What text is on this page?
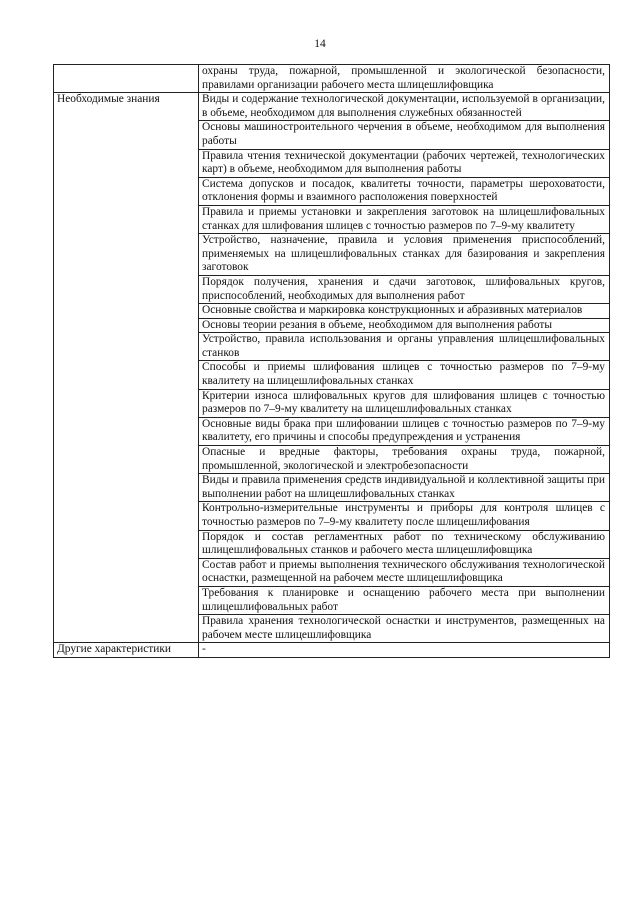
14
	охраны труда, пожарной, промышленной и экологической безопасности, правилами организации рабочего места шлицешлифовщика
Необходимые знания	Виды и содержание технологической документации, используемой в организации, в объеме, необходимом для выполнения служебных обязанностей
	Основы машиностроительного черчения в объеме, необходимом для выполнения работы
	Правила чтения технической документации (рабочих чертежей, технологических карт) в объеме, необходимом для выполнения работы
	Система допусков и посадок, квалитеты точности, параметры шероховатости, отклонения формы и взаимного расположения поверхностей
	Правила и приемы установки и закрепления заготовок на шлицешлифовальных станках для шлифования шлицев с точностью размеров по 7–9-му квалитету
	Устройство, назначение, правила и условия применения приспособлений, применяемых на шлицешлифовальных станках для базирования и закрепления заготовок
	Порядок получения, хранения и сдачи заготовок, шлифовальных кругов, приспособлений, необходимых для выполнения работ
	Основные свойства и маркировка конструкционных и абразивных материалов
	Основы теории резания в объеме, необходимом для выполнения работы
	Устройство, правила использования и органы управления шлицешлифовальных станков
	Способы и приемы шлифования шлицев с точностью размеров по 7–9-му квалитету на шлицешлифовальных станках
	Критерии износа шлифовальных кругов для шлифования шлицев с точностью размеров по 7–9-му квалитету на шлицешлифовальных станках
	Основные виды брака при шлифовании шлицев с точностью размеров по 7–9-му квалитету, его причины и способы предупреждения и устранения
	Опасные и вредные факторы, требования охраны труда, пожарной, промышленной, экологической и электробезопасности
	Виды и правила применения средств индивидуальной и коллективной защиты при выполнении работ на шлицешлифовальных станках
	Контрольно-измерительные инструменты и приборы для контроля шлицев с точностью размеров по 7–9-му квалитету после шлицешлифования
	Порядок и состав регламентных работ по техническому обслуживанию шлицешлифовальных станков и рабочего места шлицешлифовщика
	Состав работ и приемы выполнения технического обслуживания технологической оснастки, размещенной на рабочем месте шлицешлифовщика
	Требования к планировке и оснащению рабочего места при выполнении шлицешлифовальных работ
	Правила хранения технологической оснастки и инструментов, размещенных на рабочем месте шлицешлифовщика
Другие характеристики	-
